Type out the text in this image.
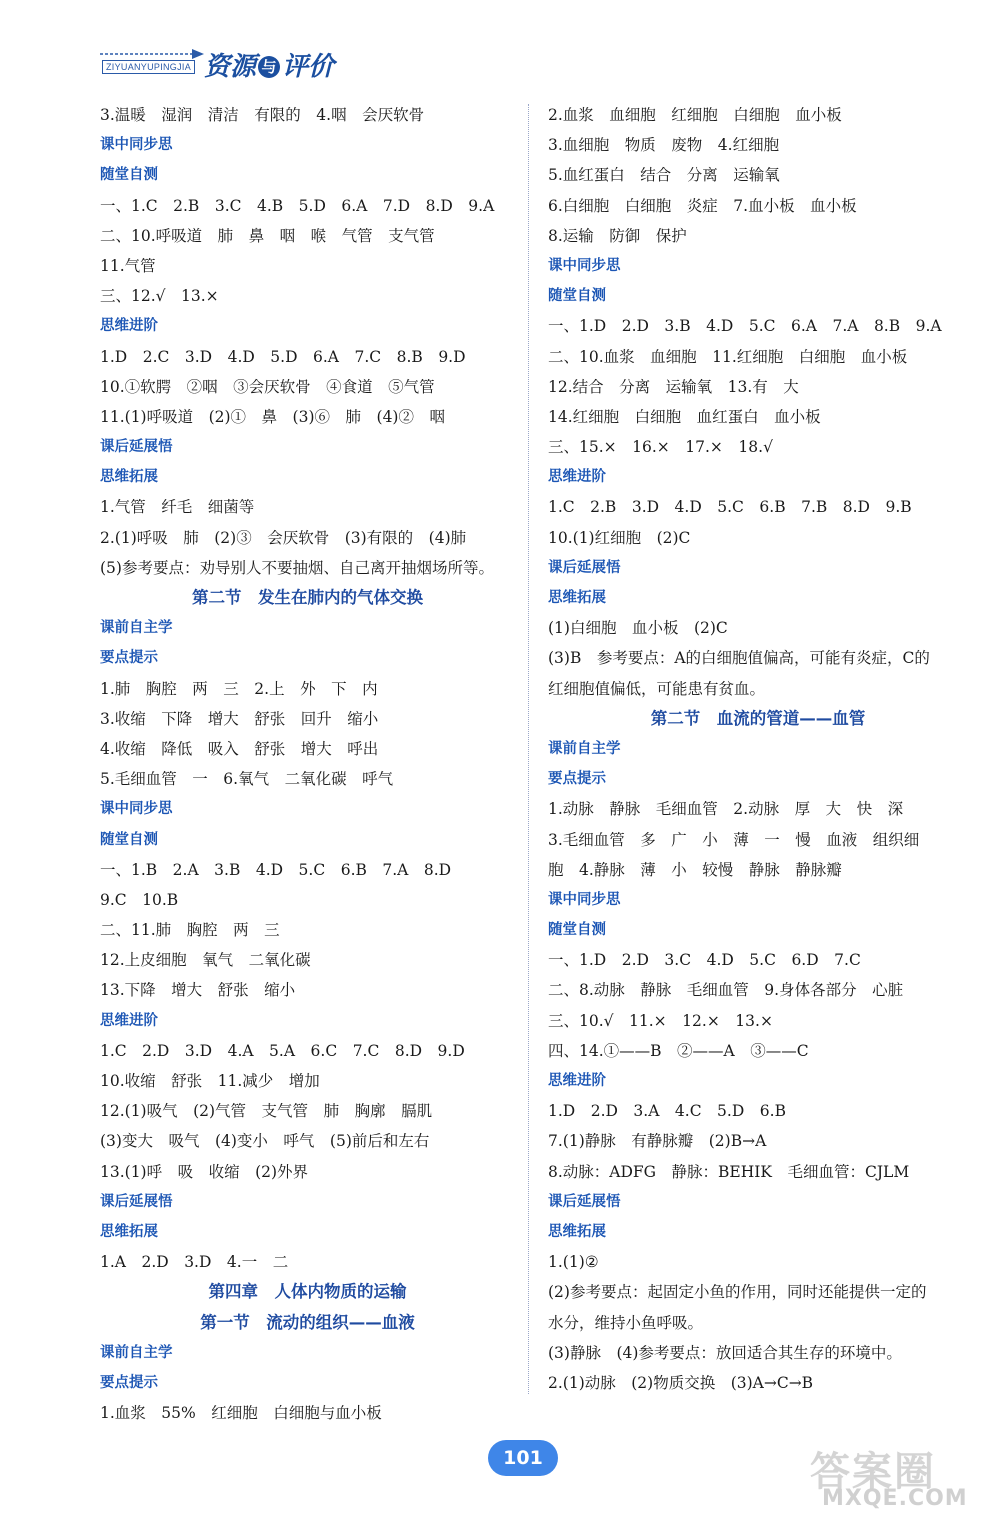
ZIYUANYUPINGJIA 资源 与 评价
3.温暖　湿润　清洁　有限的　4.咽　会厌软骨
课中同步思
随堂自测
一、1.C　2.B　3.C　4.B　5.D　6.A　7.D　8.D　9.A
二、10.呼吸道　肺　鼻　咽　喉　气管　支气管
11.气管
三、12.√　13.×
思维进阶
1.D　2.C　3.D　4.D　5.D　6.A　7.C　8.B　9.D
10.①软腭　②咽　③会厌软骨　④食道　⑤气管
11.(1)呼吸道　(2)①　鼻　(3)⑥　肺　(4)②　咽
课后延展悟
思维拓展
1.气管　纤毛　细菌等
2.(1)呼吸　肺　(2)③　会厌软骨　(3)有限的　(4)肺
(5)参考要点：劝导别人不要抽烟、自己离开抽烟场所等。
第二节　发生在肺内的气体交换
课前自主学
要点提示
1.肺　胸腔　两　三　2.上　外　下　内
3.收缩　下降　增大　舒张　回升　缩小
4.收缩　降低　吸入　舒张　增大　呼出
5.毛细血管　一　6.氧气　二氧化碳　呼气
课中同步思
随堂自测
一、1.B　2.A　3.B　4.D　5.C　6.B　7.A　8.D
9.C　10.B
二、11.肺　胸腔　两　三
12.上皮细胞　氧气　二氧化碳
13.下降　增大　舒张　缩小
思维进阶
1.C　2.D　3.D　4.A　5.A　6.C　7.C　8.D　9.D
10.收缩　舒张　11.减少　增加
12.(1)吸气　(2)气管　支气管　肺　胸廓　膈肌
(3)变大　吸气　(4)变小　呼气　(5)前后和左右
13.(1)呼　吸　收缩　(2)外界
课后延展悟
思维拓展
1.A　2.D　3.D　4.一　二
第四章　人体内物质的运输
第一节　流动的组织——血液
课前自主学
要点提示
1.血浆　55%　红细胞　白细胞与血小板
2.血浆　血细胞　红细胞　白细胞　血小板
3.血细胞　物质　废物　4.红细胞
5.血红蛋白　结合　分离　运输氧
6.白细胞　白细胞　炎症　7.血小板　血小板
8.运输　防御　保护
课中同步思
随堂自测
一、1.D　2.D　3.B　4.D　5.C　6.A　7.A　8.B　9.A
二、10.血浆　血细胞　11.红细胞　白细胞　血小板
12.结合　分离　运输氧　13.有　大
14.红细胞　白细胞　血红蛋白　血小板
三、15.×　16.×　17.×　18.√
思维进阶
1.C　2.B　3.D　4.D　5.C　6.B　7.B　8.D　9.B
10.(1)红细胞　(2)C
课后延展悟
思维拓展
(1)白细胞　血小板　(2)C
(3)B　参考要点：A的白细胞值偏高，可能有炎症，C的
红细胞值偏低，可能患有贫血。
第二节　血流的管道——血管
课前自主学
要点提示
1.动脉　静脉　毛细血管　2.动脉　厚　大　快　深
3.毛细血管　多　广　小　薄　一　慢　血液　组织细
胞　4.静脉　薄　小　较慢　静脉　静脉瓣
课中同步思
随堂自测
一、1.D　2.D　3.C　4.D　5.C　6.D　7.C
二、8.动脉　静脉　毛细血管　9.身体各部分　心脏
三、10.√　11.×　12.×　13.×
四、14.①——B　②——A　③——C
思维进阶
1.D　2.D　3.A　4.C　5.D　6.B
7.(1)静脉　有静脉瓣　(2)B→A
8.动脉：ADFG　静脉：BEHIK　毛细血管：CJLM
课后延展悟
思维拓展
1.(1)②
(2)参考要点：起固定小鱼的作用，同时还能提供一定的
水分，维持小鱼呼吸。
(3)静脉　(4)参考要点：放回适合其生存的环境中。
2.(1)动脉　(2)物质交换　(3)A→C→B
101	答案圈
MXQE.COM
